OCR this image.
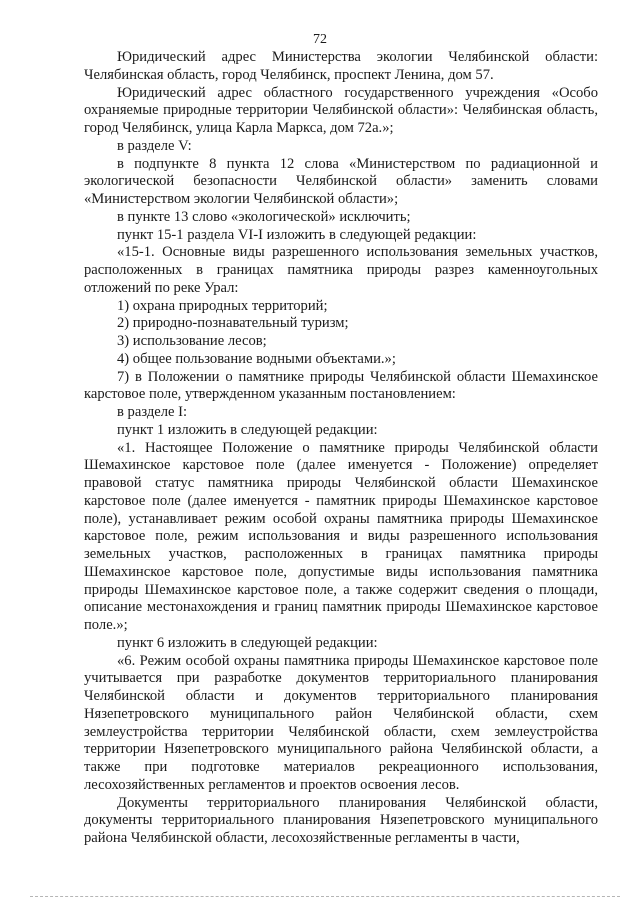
72

Юридический адрес Министерства экологии Челябинской области: Челябинская область, город Челябинск, проспект Ленина, дом 57.

Юридический адрес областного государственного учреждения «Особо охраняемые природные территории Челябинской области»: Челябинская область, город Челябинск, улица Карла Маркса, дом 72а.»;

в разделе V:

в подпункте 8 пункта 12 слова «Министерством по радиационной и экологической безопасности Челябинской области» заменить словами «Министерством экологии Челябинской области»;

в пункте 13 слово «экологической» исключить;

пункт 15-1 раздела VI-I изложить в следующей редакции:

«15-1. Основные виды разрешенного использования земельных участков, расположенных в границах памятника природы разрез каменноугольных отложений по реке Урал:

1) охрана природных территорий;

2) природно-познавательный туризм;

3) использование лесов;

4) общее пользование водными объектами.»;

7) в Положении о памятнике природы Челябинской области Шемахинское карстовое поле, утвержденном указанным постановлением:

в разделе I:

пункт 1 изложить в следующей редакции:

«1. Настоящее Положение о памятнике природы Челябинской области Шемахинское карстовое поле (далее именуется - Положение) определяет правовой статус памятника природы Челябинской области Шемахинское карстовое поле (далее именуется - памятник природы Шемахинское карстовое поле), устанавливает режим особой охраны памятника природы Шемахинское карстовое поле, режим использования и виды разрешенного использования земельных участков, расположенных в границах памятника природы Шемахинское карстовое поле, допустимые виды использования памятника природы Шемахинское карстовое поле, а также содержит сведения о площади, описание местонахождения и границ памятник природы Шемахинское карстовое поле.»;

пункт 6 изложить в следующей редакции:

«6. Режим особой охраны памятника природы Шемахинское карстовое поле учитывается при разработке документов территориального планирования Челябинской области и документов территориального планирования Нязепетровского муниципального район Челябинской области, схем землеустройства территории Челябинской области, схем землеустройства территории Нязепетровского муниципального района Челябинской области, а также при подготовке материалов рекреационного использования, лесохозяйственных регламентов и проектов освоения лесов.

Документы территориального планирования Челябинской области, документы территориального планирования Нязепетровского муниципального района Челябинской области, лесохозяйственные регламенты в части,
